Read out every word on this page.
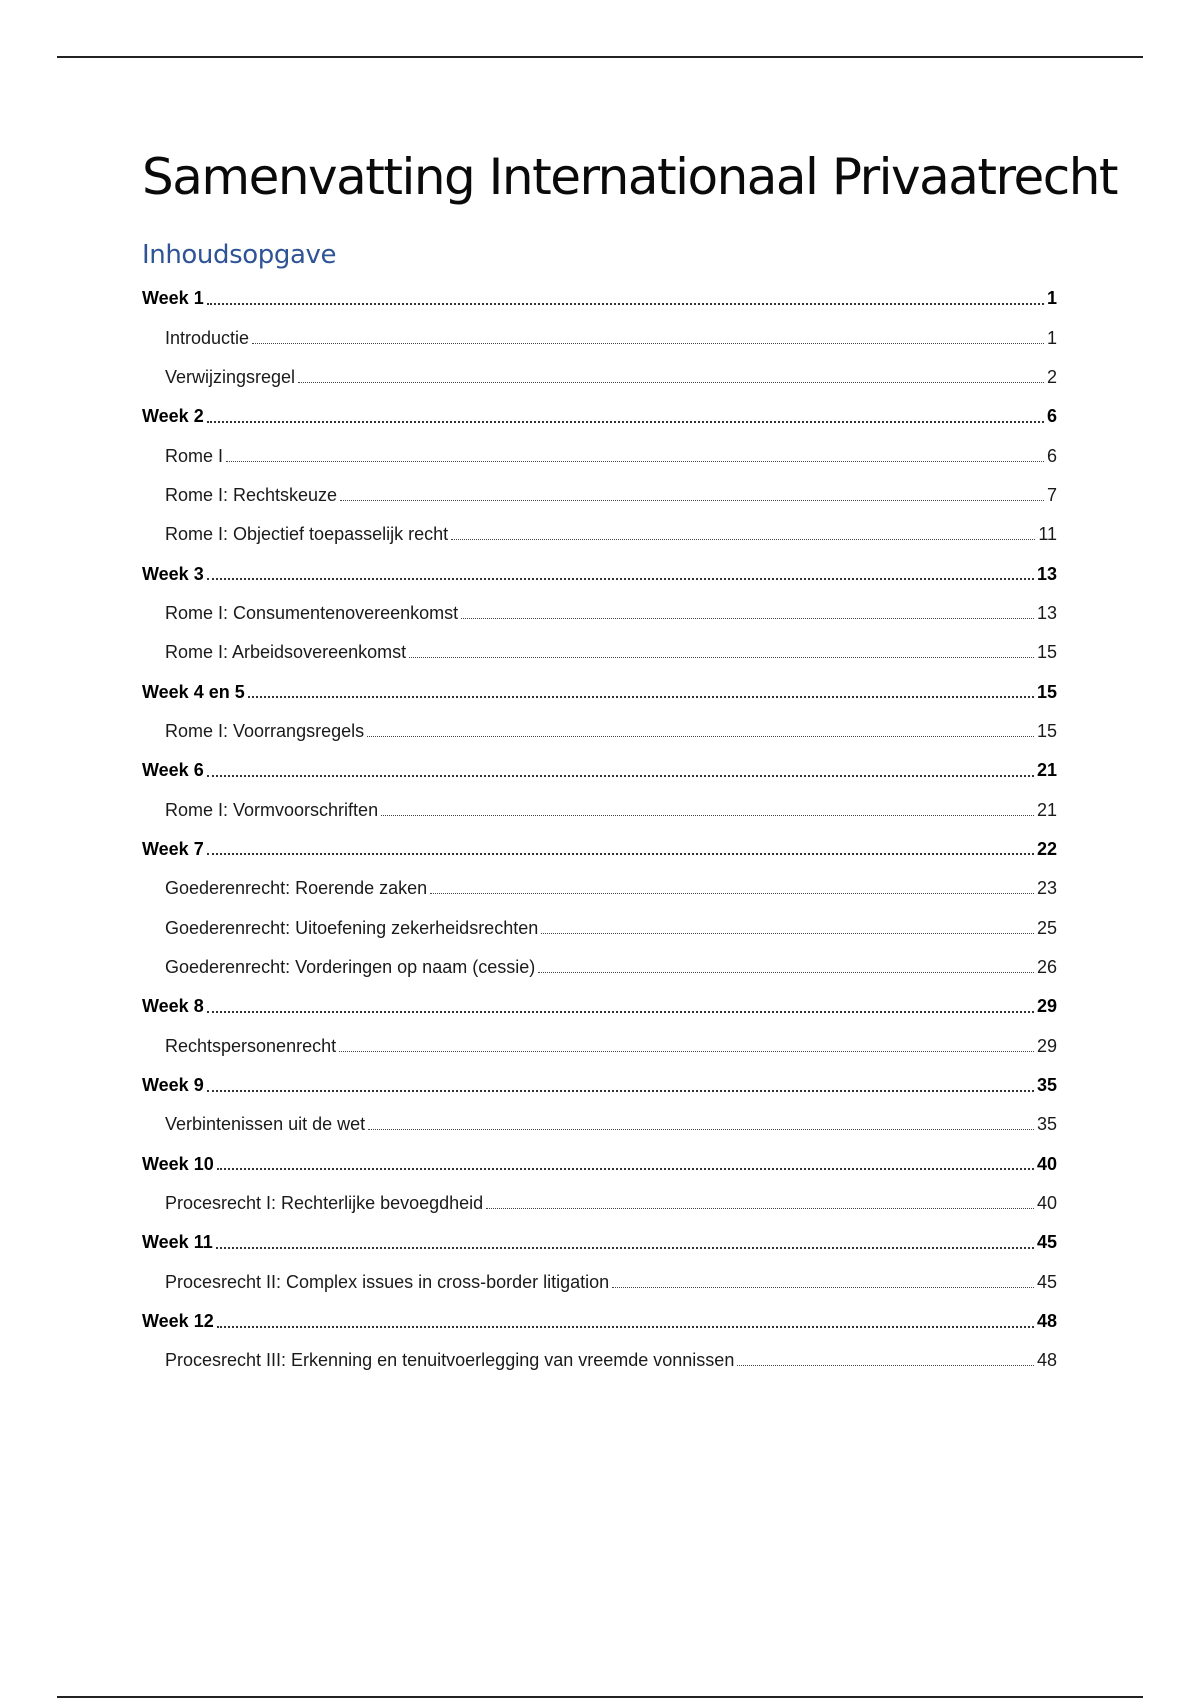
Samenvatting Internationaal Privaatrecht
Inhoudsopgave
Week 1	1
Introductie	1
Verwijzingsregel	2
Week 2	6
Rome I	6
Rome I: Rechtskeuze	7
Rome I: Objectief toepasselijk recht	11
Week 3	13
Rome I: Consumentenovereenkomst	13
Rome I: Arbeidsovereenkomst	15
Week 4 en 5	15
Rome I: Voorrangsregels	15
Week 6	21
Rome I: Vormvoorschriften	21
Week 7	22
Goederenrecht: Roerende zaken	23
Goederenrecht: Uitoefening zekerheidsrechten	25
Goederenrecht: Vorderingen op naam (cessie)	26
Week 8	29
Rechtspersonenrecht	29
Week 9	35
Verbintenissen uit de wet	35
Week 10	40
Procesrecht I: Rechterlijke bevoegdheid	40
Week 11	45
Procesrecht II: Complex issues in cross-border litigation	45
Week 12	48
Procesrecht III: Erkenning en tenuitvoerlegging van vreemde vonnissen	48
